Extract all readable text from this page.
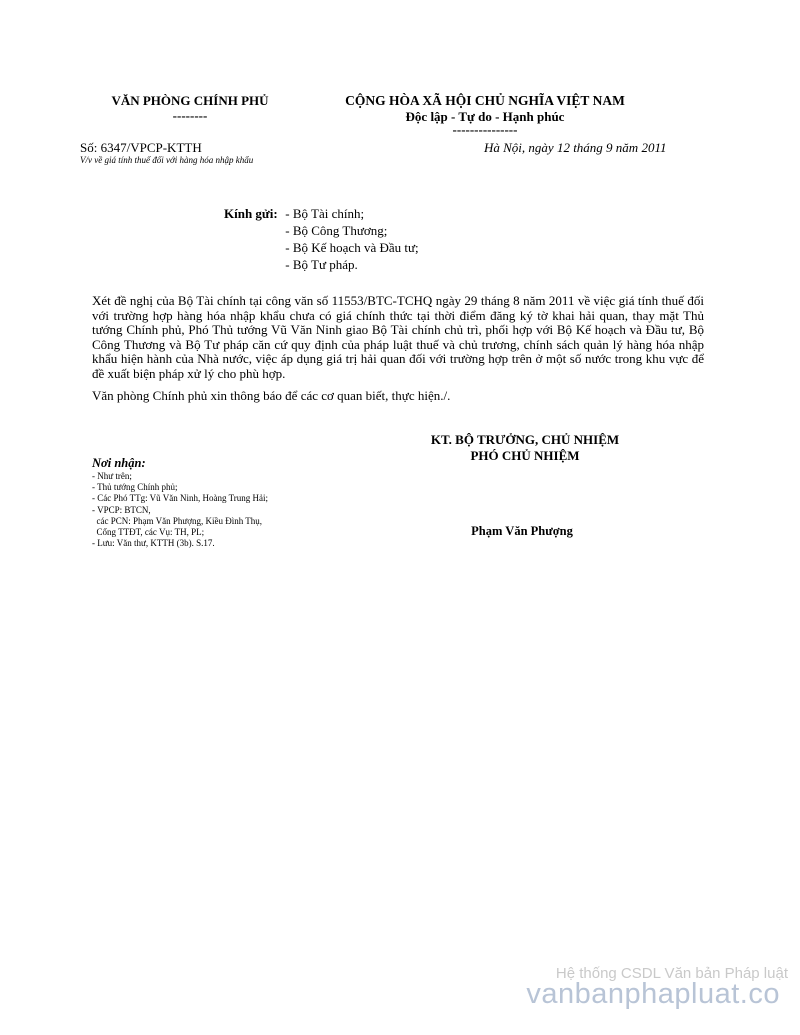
VĂN PHÒNG CHÍNH PHỦ
--------
CỘNG HÒA XÃ HỘI CHỦ NGHĨA VIỆT NAM
Độc lập - Tự do - Hạnh phúc
---------------
Số: 6347/VPCP-KTTH
V/v về giá tính thuế đối với hàng hóa nhập khẩu
Hà Nội, ngày 12 tháng 9 năm 2011
Kính gửi: - Bộ Tài chính;
- Bộ Công Thương;
- Bộ Kế hoạch và Đầu tư;
- Bộ Tư pháp.
Xét đề nghị của Bộ Tài chính tại công văn số 11553/BTC-TCHQ ngày 29 tháng 8 năm 2011 về việc giá tính thuế đối với trường hợp hàng hóa nhập khẩu chưa có giá chính thức tại thời điểm đăng ký tờ khai hải quan, thay mặt Thủ tướng Chính phủ, Phó Thủ tướng Vũ Văn Ninh giao Bộ Tài chính chủ trì, phối hợp với Bộ Kế hoạch và Đầu tư, Bộ Công Thương và Bộ Tư pháp căn cứ quy định của pháp luật thuế và chủ trương, chính sách quản lý hàng hóa nhập khẩu hiện hành của Nhà nước, việc áp dụng giá trị hải quan đối với trường hợp trên ở một số nước trong khu vực để đề xuất biện pháp xử lý cho phù hợp.
Văn phòng Chính phủ xin thông báo để các cơ quan biết, thực hiện./.
KT. BỘ TRƯỞNG, CHỦ NHIỆM
PHÓ CHỦ NHIỆM
Phạm Văn Phượng
Nơi nhận:
- Như trên;
- Thủ tướng Chính phủ;
- Các Phó TTg: Vũ Văn Ninh, Hoàng Trung Hải;
- VPCP: BTCN,
các PCN: Phạm Văn Phượng, Kiều Đình Thụ,
Cổng TTĐT, các Vụ: TH, PL;
- Lưu: Văn thư, KTTH (3b). S.17.
Hệ thống CSDL Văn bản Pháp luật
vanbanphapluat.co
